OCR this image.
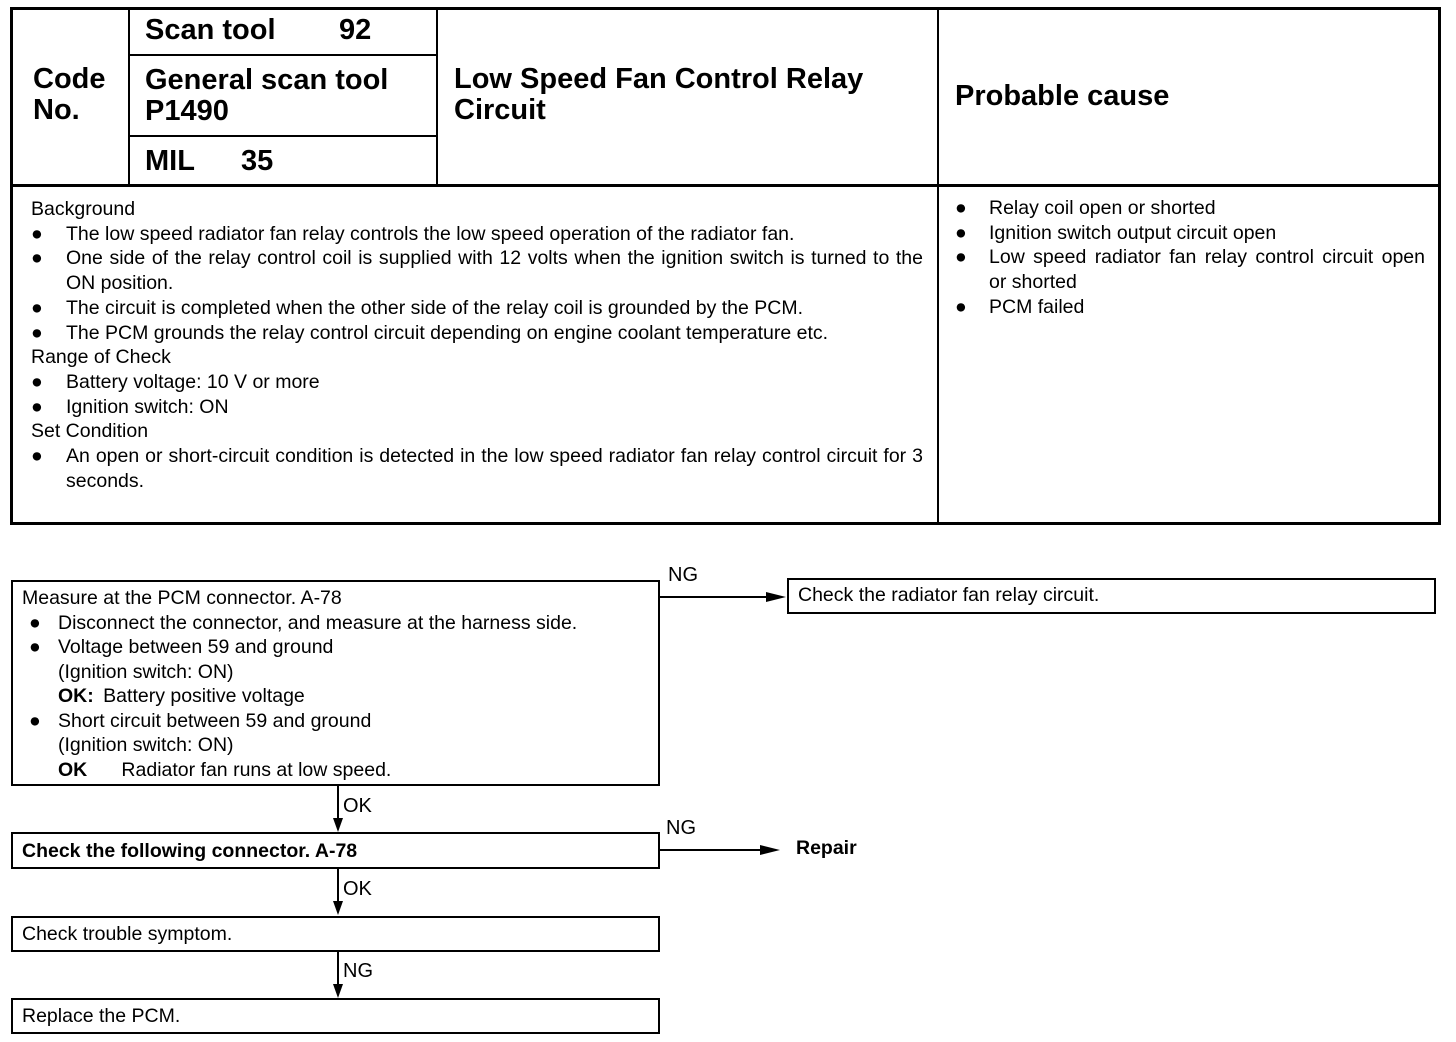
Code
No.
Scan tool 92
General scan tool
P1490
MIL 35
Low Speed Fan Control Relay
Circuit	Probable cause
Background
● The low speed radiator fan relay controls the low speed operation of the radiator fan.
● One side of the relay control coil is supplied with 12 volts when the ignition switch is turned to the ON position.
● The circuit is completed when the other side of the relay coil is grounded by the PCM.
● The PCM grounds the relay control circuit depending on engine coolant temperature etc.
Range of Check
● Battery voltage: 10 V or more
● Ignition switch: ON
Set Condition
● An open or short-circuit condition is detected in the low speed radiator fan relay control circuit for 3 seconds.
● Relay coil open or shorted
● Ignition switch output circuit open
● Low speed radiator fan relay control circuit open or shorted
● PCM failed
Measure at the PCM connector. A-78
● Disconnect the connector, and measure at the harness side.
● Voltage between 59 and ground
(Ignition switch: ON)
OK: Battery positive voltage
● Short circuit between 59 and ground
(Ignition switch: ON)
OK Radiator fan runs at low speed.
NG
Check the radiator fan relay circuit.
OK
Check the following connector. A-78
NG
Repair
OK
Check trouble symptom.
NG
Replace the PCM.
